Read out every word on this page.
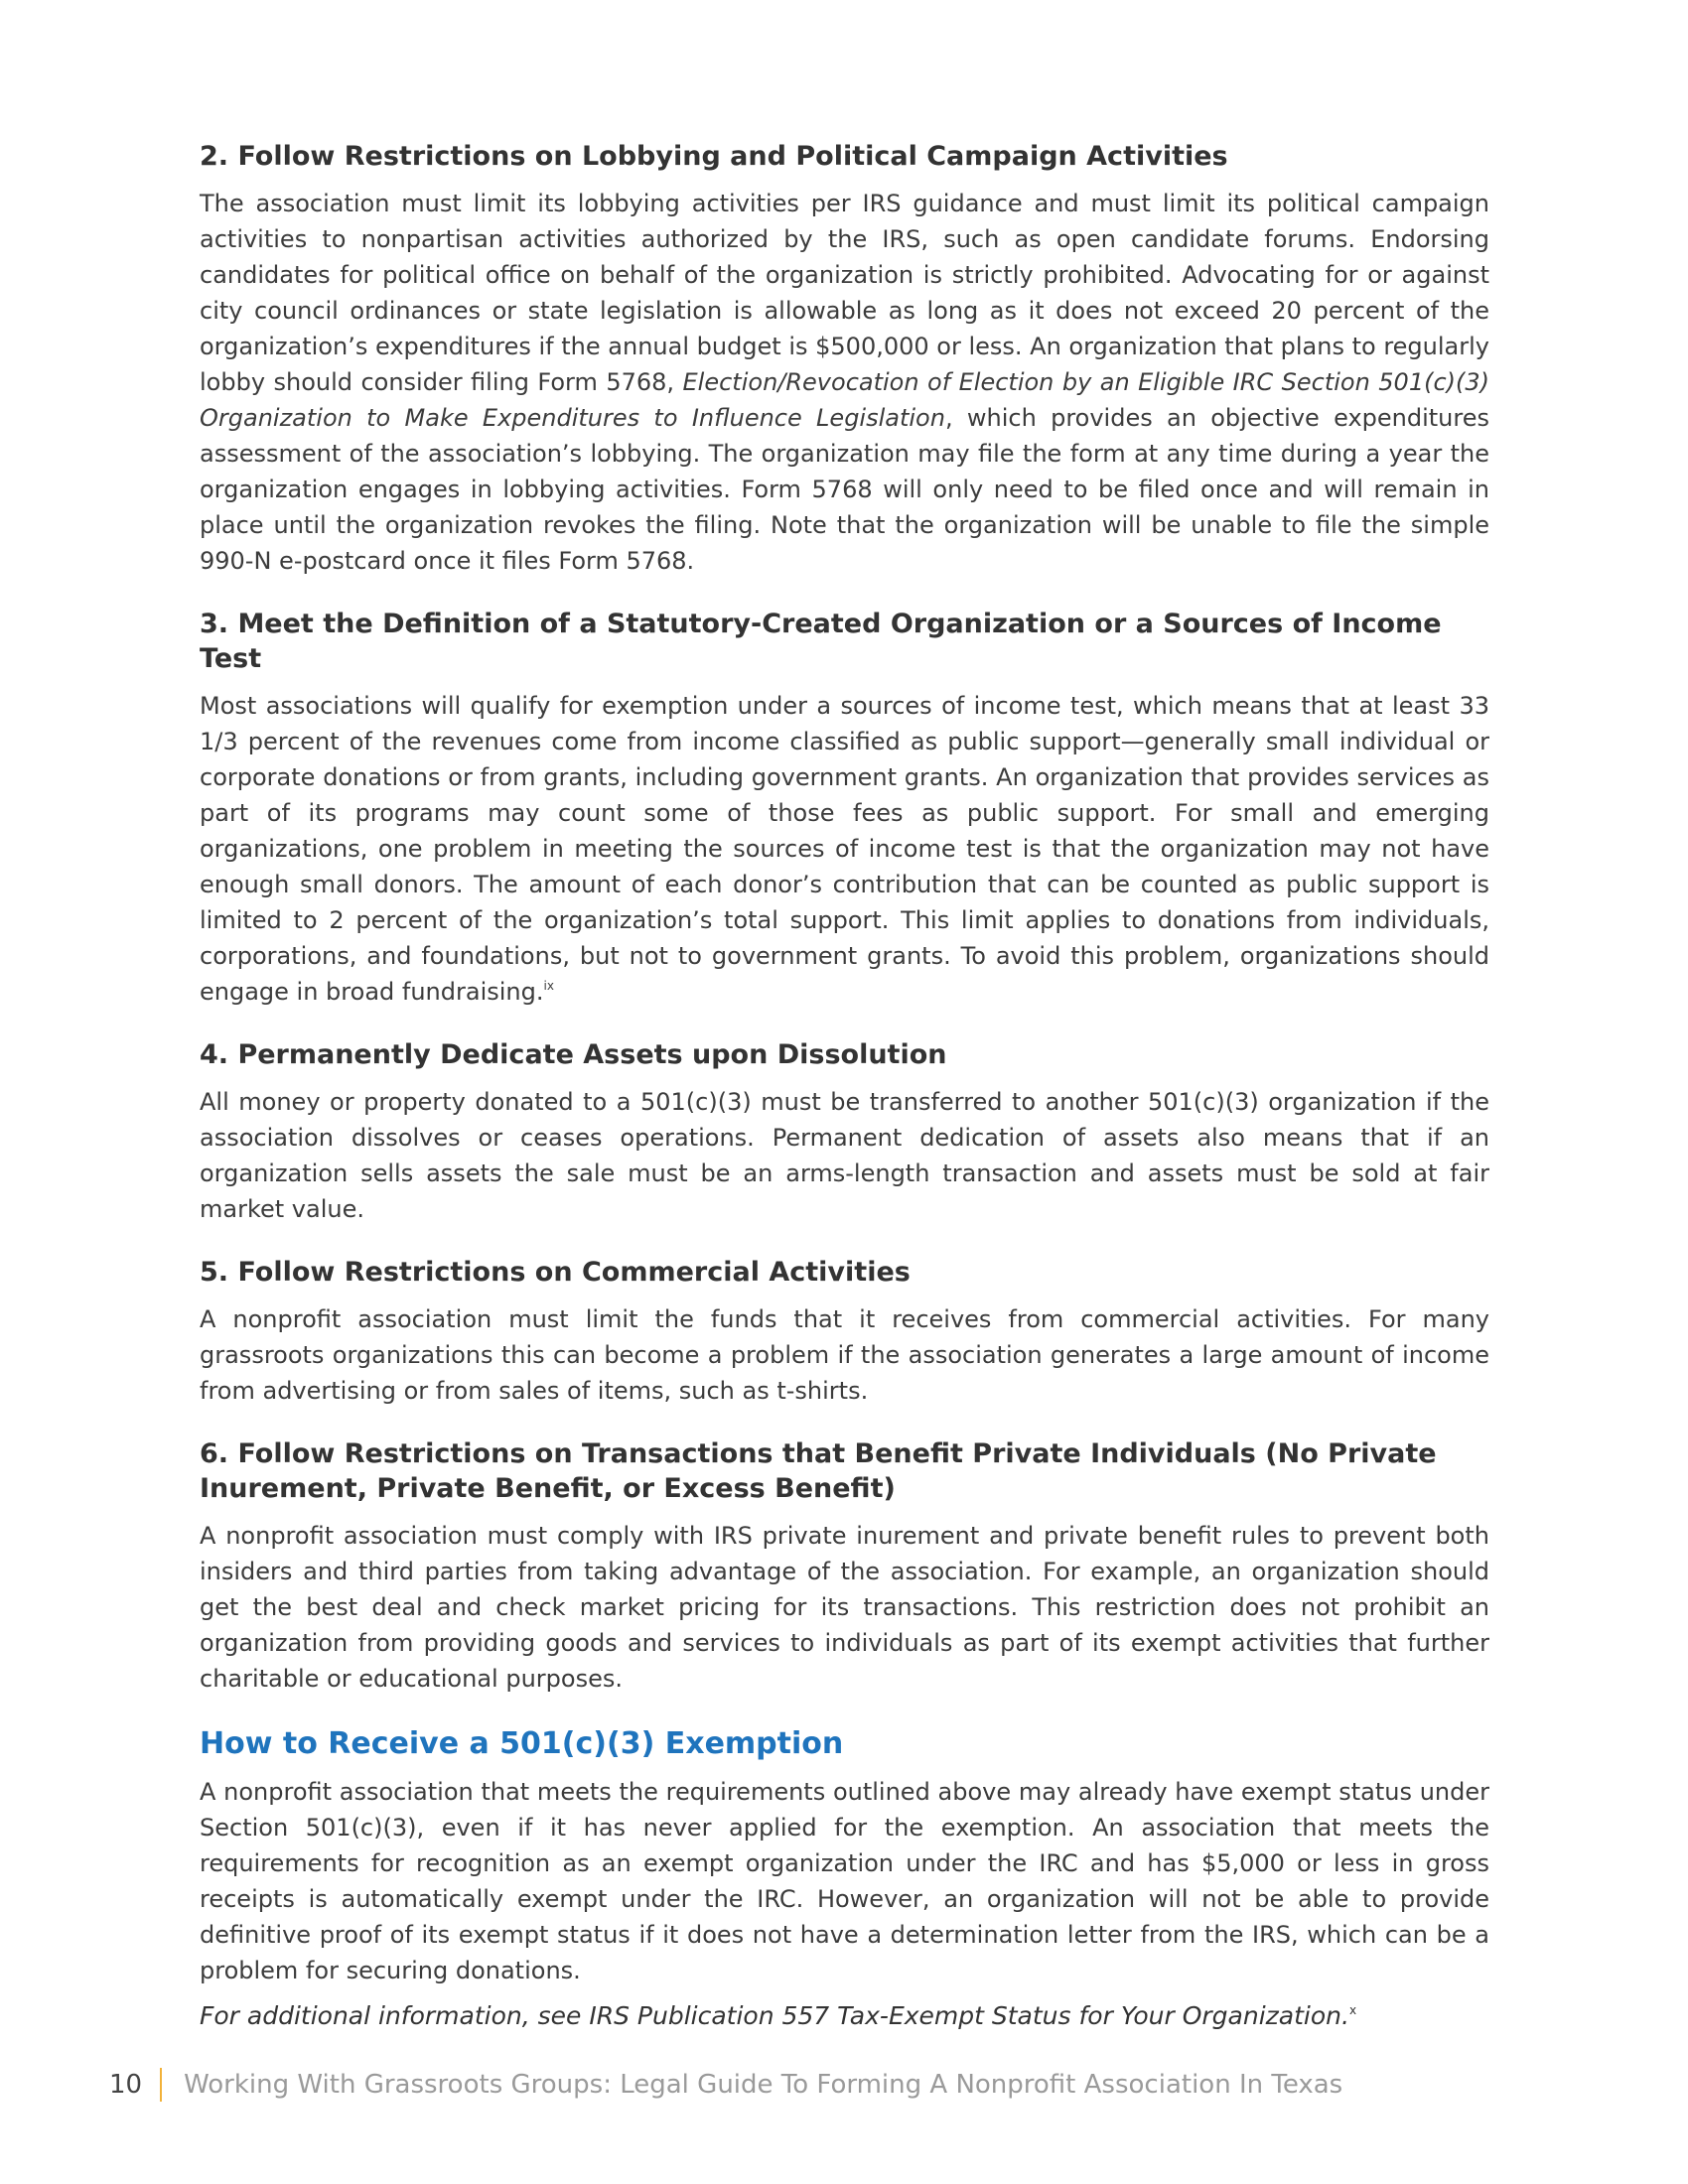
2. Follow Restrictions on Lobbying and Political Campaign Activities

The association must limit its lobbying activities per IRS guidance and must limit its political campaign activities to nonpartisan activities authorized by the IRS, such as open candidate forums. Endorsing candidates for political office on behalf of the organization is strictly prohibited. Advocating for or against city council ordinances or state legislation is allowable as long as it does not exceed 20 percent of the organization’s expenditures if the annual budget is $500,000 or less. An organization that plans to regularly lobby should consider filing Form 5768, Election/Revocation of Election by an Eligible IRC Section 501(c)(3) Organization to Make Expenditures to Influence Legislation, which provides an objective expenditures assessment of the association’s lobbying. The organization may file the form at any time during a year the organization engages in lobbying activities. Form 5768 will only need to be filed once and will remain in place until the organization revokes the filing. Note that the organization will be unable to file the simple 990-N e-postcard once it files Form 5768.

3. Meet the Definition of a Statutory-Created Organization or a Sources of Income Test

Most associations will qualify for exemption under a sources of income test, which means that at least 33 1/3 percent of the revenues come from income classified as public support—generally small individual or corporate donations or from grants, including government grants. An organization that provides services as part of its programs may count some of those fees as public support. For small and emerging organizations, one problem in meeting the sources of income test is that the organization may not have enough small donors. The amount of each donor’s contribution that can be counted as public support is limited to 2 percent of the organization’s total support. This limit applies to donations from individuals, corporations, and foundations, but not to government grants. To avoid this problem, organizations should engage in broad fundraising.$^{ix}$

4. Permanently Dedicate Assets upon Dissolution

All money or property donated to a 501(c)(3) must be transferred to another 501(c)(3) organization if the association dissolves or ceases operations. Permanent dedication of assets also means that if an organization sells assets the sale must be an arms-length transaction and assets must be sold at fair market value.

5. Follow Restrictions on Commercial Activities

A nonprofit association must limit the funds that it receives from commercial activities. For many grassroots organizations this can become a problem if the association generates a large amount of income from advertising or from sales of items, such as t-shirts.

6. Follow Restrictions on Transactions that Benefit Private Individuals (No Private Inurement, Private Benefit, or Excess Benefit)

A nonprofit association must comply with IRS private inurement and private benefit rules to prevent both insiders and third parties from taking advantage of the association. For example, an organization should get the best deal and check market pricing for its transactions. This restriction does not prohibit an organization from providing goods and services to individuals as part of its exempt activities that further charitable or educational purposes.

How to Receive a 501(c)(3) Exemption

A nonprofit association that meets the requirements outlined above may already have exempt status under Section 501(c)(3), even if it has never applied for the exemption. An association that meets the requirements for recognition as an exempt organization under the IRC and has $5,000 or less in gross receipts is automatically exempt under the IRC. However, an organization will not be able to provide definitive proof of its exempt status if it does not have a determination letter from the IRS, which can be a problem for securing donations.

For additional information, see IRS Publication 557 Tax-Exempt Status for Your Organization.$^x$

10 Working With Grassroots Groups: Legal Guide To Forming A Nonprofit Association In Texas
